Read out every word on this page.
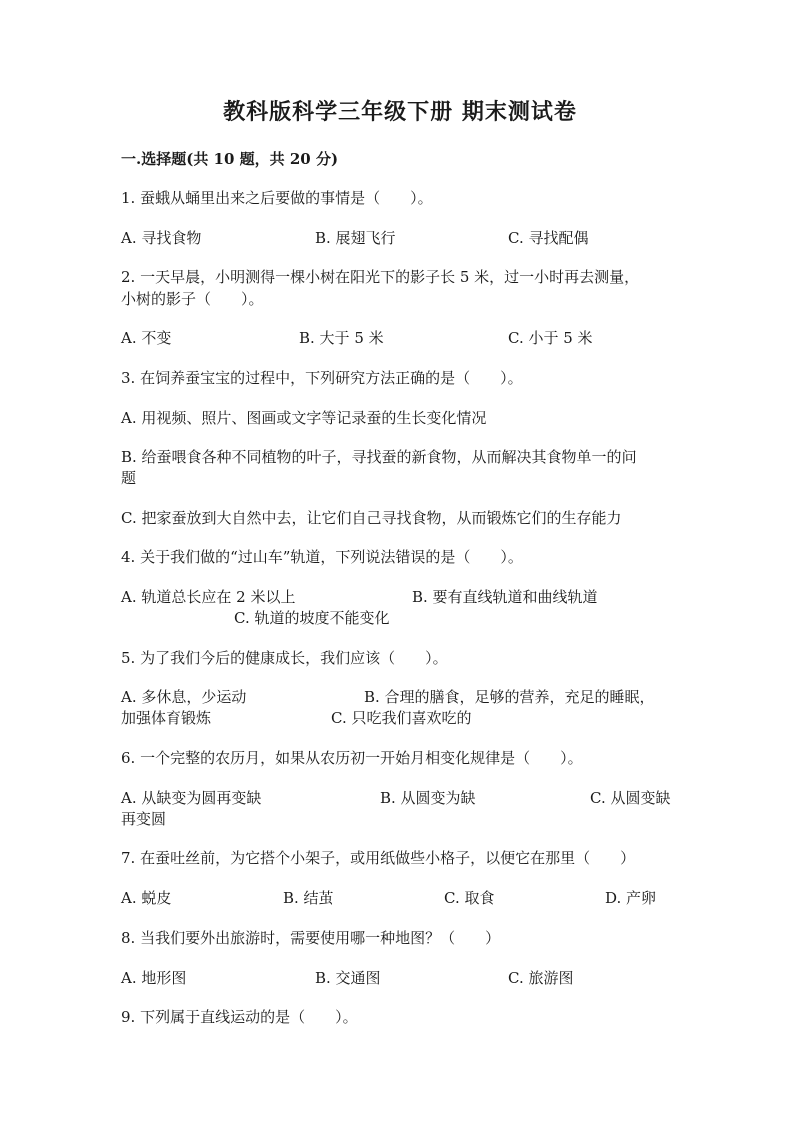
教科版科学三年级下册 期末测试卷
一.选择题(共 10 题，共 20 分)
1. 蚕蛾从蛹里出来之后要做的事情是（　　）。
A. 寻找食物	B. 展翅飞行	C. 寻找配偶
2. 一天早晨，小明测得一棵小树在阳光下的影子长 5 米，过一小时再去测量，
小树的影子（　　）。
A. 不变	B. 大于 5 米	C. 小于 5 米
3. 在饲养蚕宝宝的过程中，下列研究方法正确的是（　　）。
A. 用视频、照片、图画或文字等记录蚕的生长变化情况
B. 给蚕喂食各种不同植物的叶子，寻找蚕的新食物，从而解决其食物单一的问
题
C. 把家蚕放到大自然中去，让它们自己寻找食物，从而锻炼它们的生存能力
4. 关于我们做的“过山车”轨道，下列说法错误的是（　　）。
A. 轨道总长应在 2 米以上	B. 要有直线轨道和曲线轨道
C. 轨道的坡度不能变化
5. 为了我们今后的健康成长，我们应该（　　）。
A. 多休息，少运动	B. 合理的膳食，足够的营养，充足的睡眠，
加强体育锻炼	C. 只吃我们喜欢吃的
6. 一个完整的农历月，如果从农历初一开始月相变化规律是（　　）。
A. 从缺变为圆再变缺	B. 从圆变为缺	C. 从圆变缺
再变圆
7. 在蚕吐丝前，为它搭个小架子，或用纸做些小格子，以便它在那里（　　）
A. 蜕皮	B. 结茧	C. 取食	D. 产卵
8. 当我们要外出旅游时，需要使用哪一种地图？（　　）
A. 地形图	B. 交通图	C. 旅游图
9. 下列属于直线运动的是（　　）。
